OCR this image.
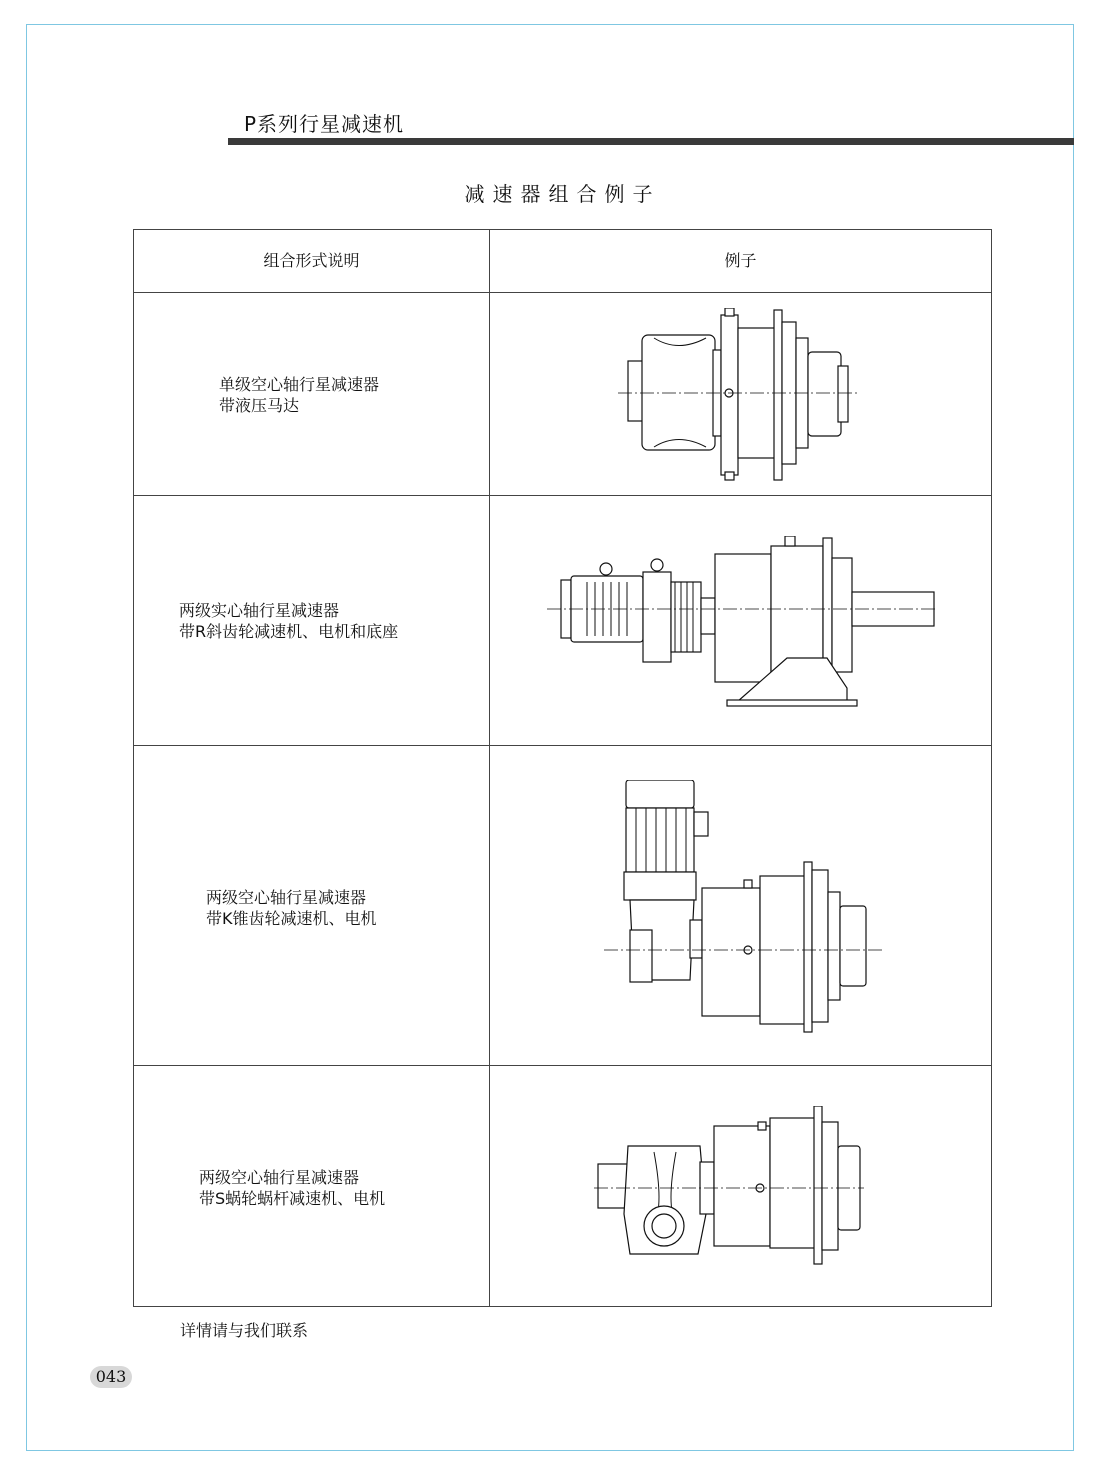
P系列行星减速机
减速器组合例子
组合形式说明	例子
单级空心轴行星减速器
带液压马达
两级实心轴行星减速器
带R斜齿轮减速机、电机和底座
两级空心轴行星减速器
带K锥齿轮减速机、电机
两级空心轴行星减速器
带S蜗轮蜗杆减速机、电机
详情请与我们联系
043
